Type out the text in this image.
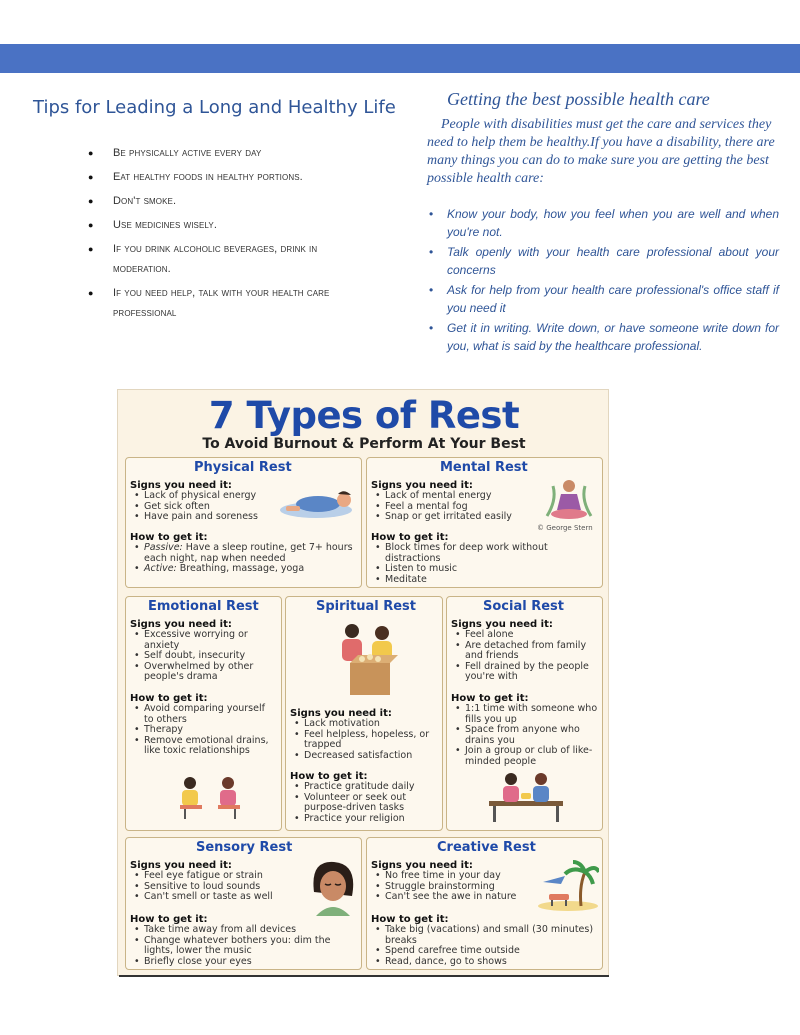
Tips for Leading a Long and Healthy Life
● Be physically active every day
● Eat healthy foods in healthy portions.
● Don't smoke.
● Use medicines wisely.
● If you drink alcoholic beverages, drink in moderation.
● If you need help, talk with your health care professional
Getting the best possible health care

People with disabilities must get the care and services they need to help them be healthy.If you have a disability, there are many things you can do to make sure you are getting the best possible health care:

• Know your body, how you feel when you are well and when you're not.
• Talk openly with your health care professional about your concerns
• Ask for help from your health care professional's office staff if you need it
• Get it in writing. Write down, or have someone write down for you, what is said by the healthcare professional.
7 Types of Rest
To Avoid Burnout & Perform At Your Best
Physical Rest
Signs you need it:
• Lack of physical energy
• Get sick often
• Have pain and soreness
How to get it:
• Passive: Have a sleep routine, get 7+ hours each night, nap when needed
• Active: Breathing, massage, yoga
Mental Rest
Signs you need it:
• Lack of mental energy
• Feel a mental fog
• Snap or get irritated easily
© George Stern
How to get it:
• Block times for deep work without distractions
• Listen to music
• Meditate
Emotional Rest
Signs you need it:
• Excessive worrying or anxiety
• Self doubt, insecurity
• Overwhelmed by other people's drama
How to get it:
• Avoid comparing yourself to others
• Therapy
• Remove emotional drains, like toxic relationships
Spiritual Rest
Signs you need it:
• Lack motivation
• Feel helpless, hopeless, or trapped
• Decreased satisfaction
How to get it:
• Practice gratitude daily
• Volunteer or seek out purpose-driven tasks
• Practice your religion
Social Rest
Signs you need it:
• Feel alone
• Are detached from family and friends
• Fell drained by the people you're with
How to get it:
• 1:1 time with someone who fills you up
• Space from anyone who drains you
• Join a group or club of like-minded people
Sensory Rest
Signs you need it:
• Feel eye fatigue or strain
• Sensitive to loud sounds
• Can't smell or taste as well
How to get it:
• Take time away from all devices
• Change whatever bothers you: dim the lights, lower the music
• Briefly close your eyes
Creative Rest
Signs you need it:
• No free time in your day
• Struggle brainstorming
• Can't see the awe in nature
How to get it:
• Take big (vacations) and small (30 minutes) breaks
• Spend carefree time outside
• Read, dance, go to shows
